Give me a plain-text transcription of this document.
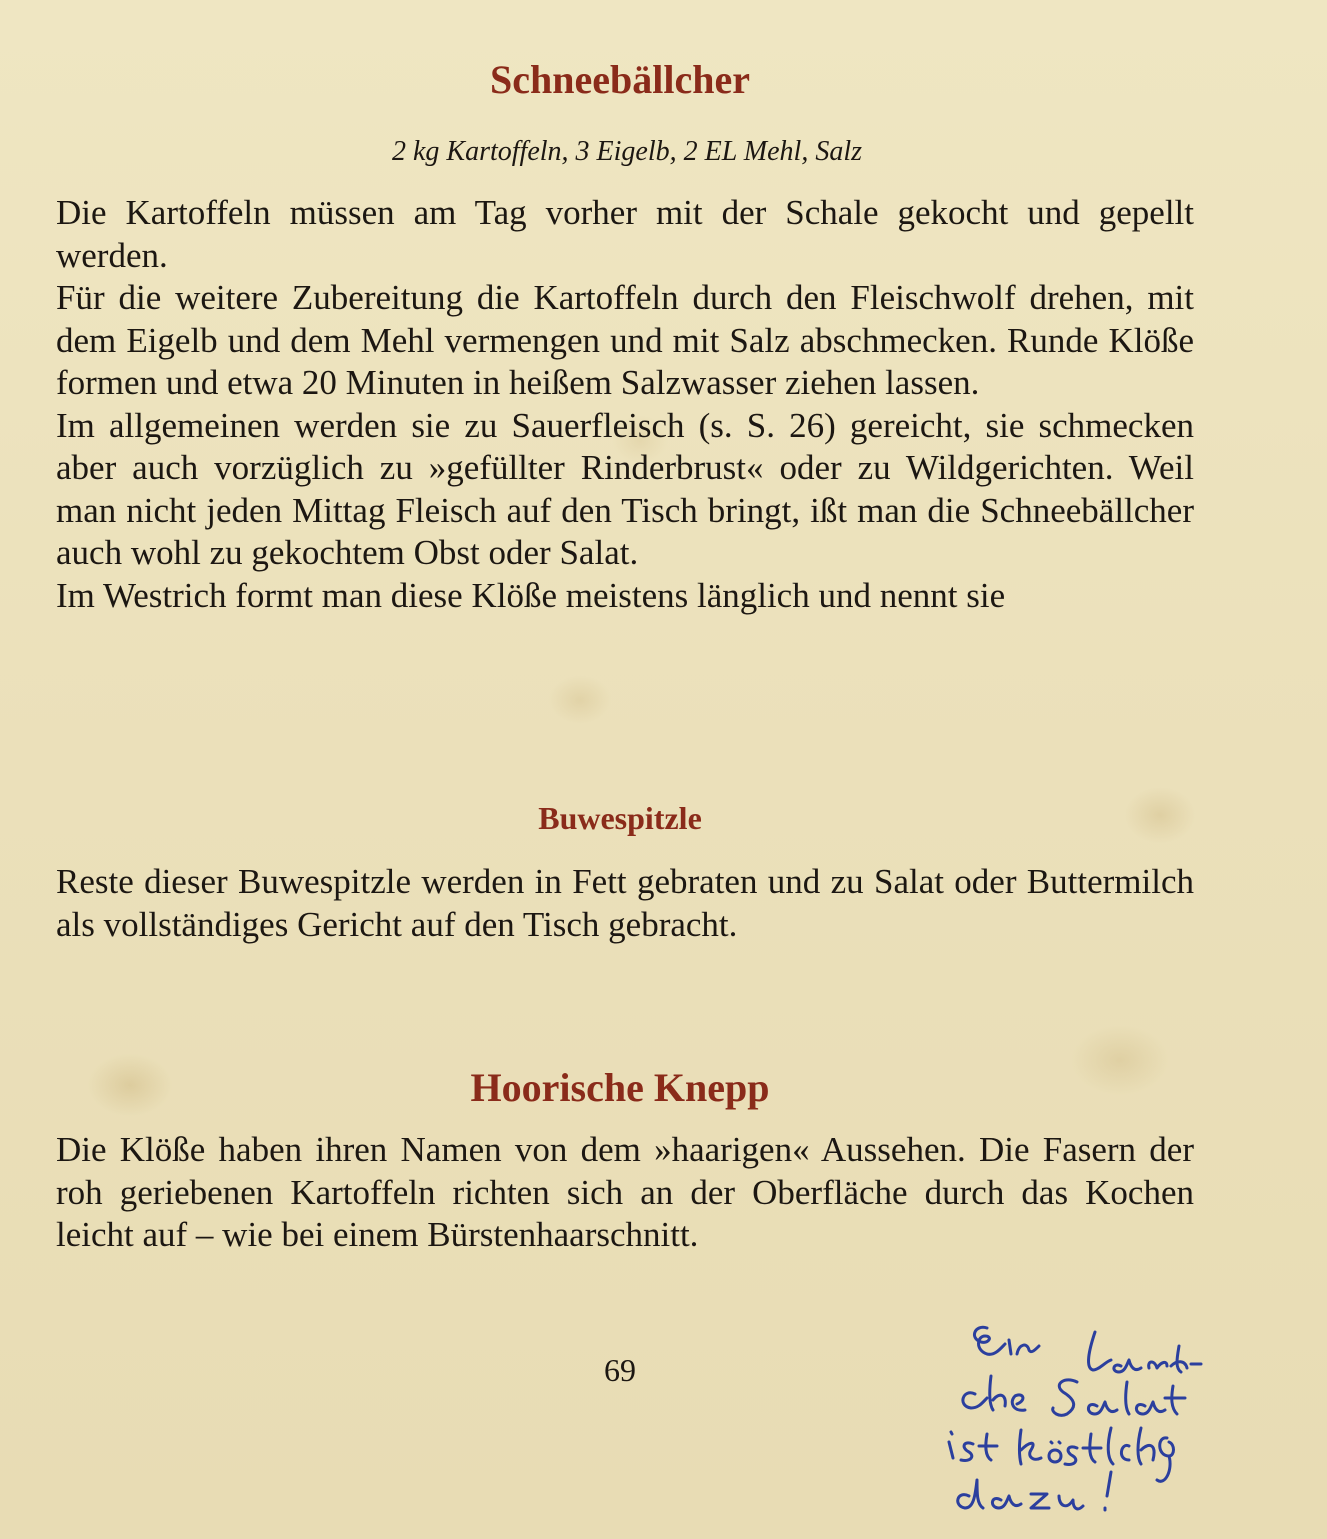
Schneebällcher

2 kg Kartoffeln, 3 Eigelb, 2 EL Mehl, Salz

Die Kartoffeln müssen am Tag vorher mit der Schale gekocht und gepellt werden.

Für die weitere Zubereitung die Kartoffeln durch den Fleischwolf drehen, mit dem Eigelb und dem Mehl vermengen und mit Salz abschmecken. Runde Klöße formen und etwa 20 Minuten in heißem Salzwasser ziehen lassen.

Im allgemeinen werden sie zu Sauerfleisch (s. S. 26) gereicht, sie schmecken aber auch vorzüglich zu »gefüllter Rinderbrust« oder zu Wildgerichten. Weil man nicht jeden Mittag Fleisch auf den Tisch bringt, ißt man die Schneebällcher auch wohl zu gekochtem Obst oder Salat.

Im Westrich formt man diese Klöße meistens länglich und nennt sie

Buwespitzle

Reste dieser Buwespitzle werden in Fett gebraten und zu Salat oder Buttermilch als vollständiges Gericht auf den Tisch gebracht.

Hoorische Knepp

Die Klöße haben ihren Namen von dem »haarigen« Aussehen. Die Fasern der roh geriebenen Kartoffeln richten sich an der Oberfläche durch das Kochen leicht auf – wie bei einem Bürstenhaarschnitt.

69
